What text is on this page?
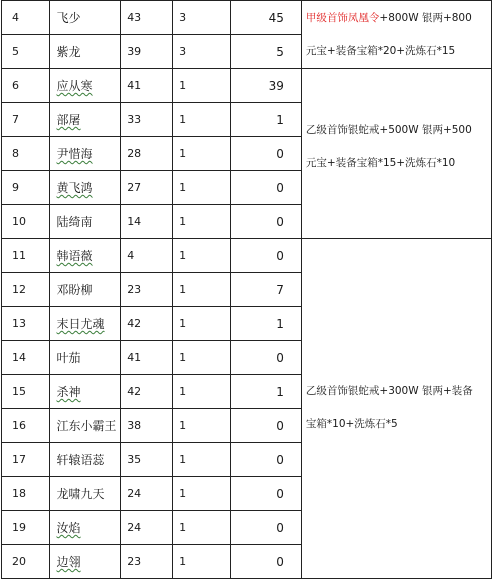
4	飞少	43	3	45	甲级首饰凤凰令+800W 银两+800
元宝+装备宝箱*20+洗炼石*15

5	紫龙	39	3	5	
6	应从寒	41	1	39	乙级首饰银蛇戒+500W 银两+500
元宝+装备宝箱*15+洗炼石*10

7	部屠	33	1	1	
8	尹惜海	28	1	0	
9	黄飞鸿	27	1	0	
10	陆绮南	14	1	0	
11	韩语薇	4	1	0	乙级首饰银蛇戒+300W 银两+装备
宝箱*10+洗炼石*5

12	邓盼柳	23	1	7	
13	末日尤魂	42	1	1	
14	叶茄	41	1	0	
15	杀神	42	1	1	
16	江东小霸王	38	1	0	
17	轩辕语蕊	35	1	0	
18	龙啸九天	24	1	0	
19	汝焰	24	1	0	
20	边翎	23	1	0	
